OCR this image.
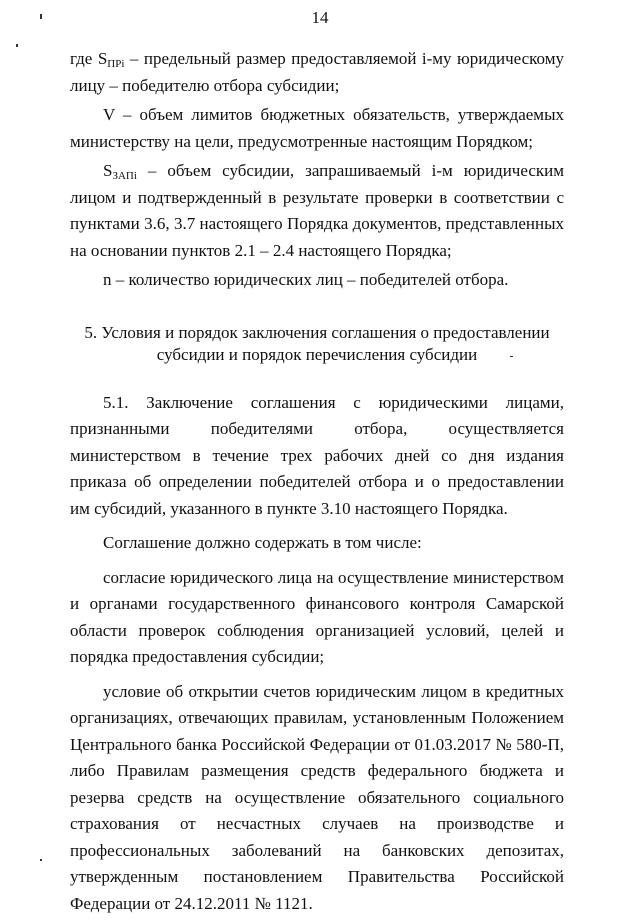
14

где $S_{ПРi}$ – предельный размер предоставляемой i-му юридическому лицу – победителю отбора субсидии;

V – объем лимитов бюджетных обязательств, утверждаемых министерству на цели, предусмотренные настоящим Порядком;

$S_{ЗАПi}$ – объем субсидии, запрашиваемый i-м юридическим лицом и подтвержденный в результате проверки в соответствии с пунктами 3.6, 3.7 настоящего Порядка документов, представленных на основании пунктов 2.1 – 2.4 настоящего Порядка;

n – количество юридических лиц – победителей отбора.

5. Условия и порядок заключения соглашения о предоставлении
субсидии и порядок перечисления субсидии

5.1. Заключение соглашения с юридическими лицами, признанными победителями отбора, осуществляется министерством в течение трех рабочих дней со дня издания приказа об определении победителей отбора и о предоставлении им субсидий, указанного в пункте 3.10 настоящего Порядка.

Соглашение должно содержать в том числе:

согласие юридического лица на осуществление министерством и органами государственного финансового контроля Самарской области проверок соблюдения организацией условий, целей и порядка предоставления субсидии;

условие об открытии счетов юридическим лицом в кредитных организациях, отвечающих правилам, установленным Положением Центрального банка Российской Федерации от 01.03.2017 № 580-П, либо Правилам размещения средств федерального бюджета и резерва средств на осуществление обязательного социального страхования от несчастных случаев на производстве и профессиональных заболеваний на банковских депозитах, утвержденным постановлением Правительства Российской Федерации от 24.12.2011 № 1121.
